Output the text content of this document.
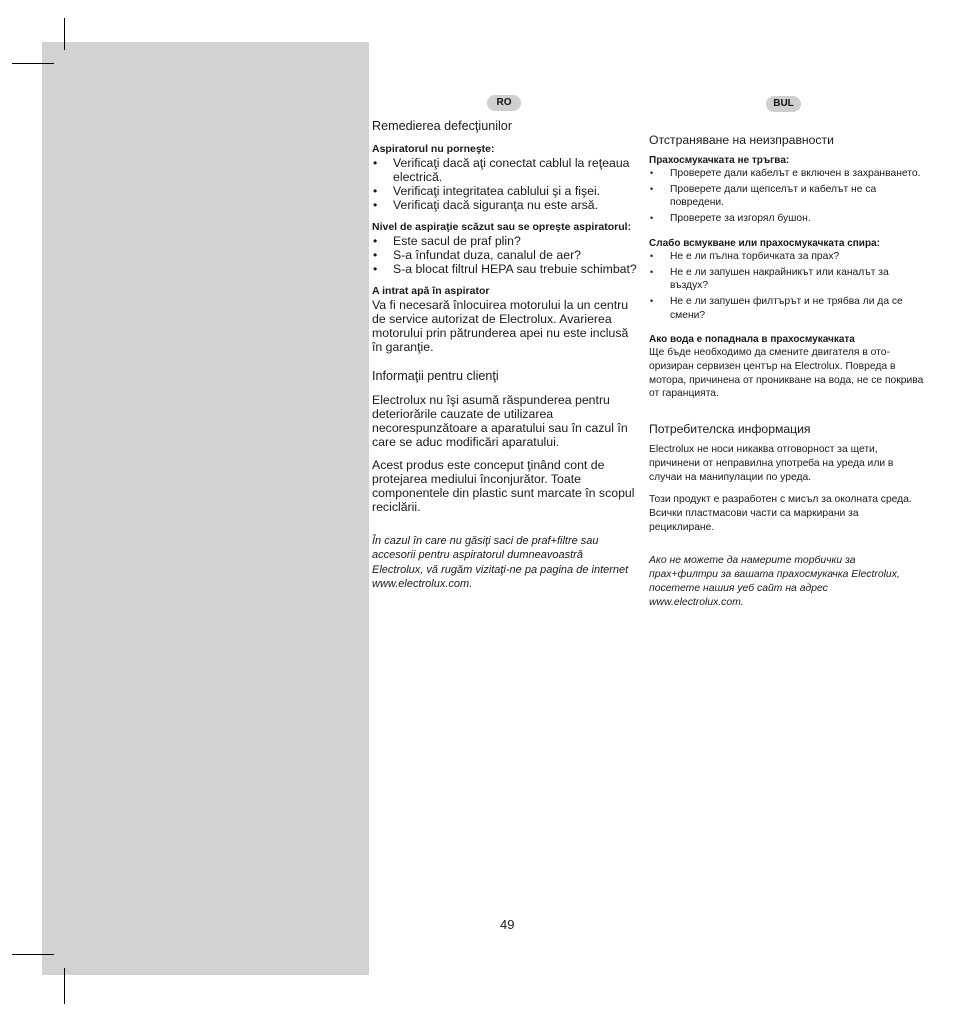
RO	BUL
Remedierea defecţiunilor
Aspiratorul nu porneşte:
• Verificaţi dacă aţi conectat cablul la reţeaua electrică.
• Verificaţi integritatea cablului şi a fişei.
• Verificaţi dacă siguranţa nu este arsă.
Nivel de aspiraţie scăzut sau se opreşte aspiratorul:
• Este sacul de praf plin?
• S-a înfundat duza, canalul de aer?
• S-a blocat filtrul HEPA sau trebuie schimbat?
A intrat apă în aspirator

Va fi necesară înlocuirea motorului la un centru de service autorizat de Electrolux. Avarierea motorului prin pătrunderea apei nu este inclusă în garanţie.

Informaţii pentru clienţi

Electrolux nu îşi asumă răspunderea pentru deteriorările cauzate de utilizarea necorespunzătoare a aparatului sau în cazul în care se aduc modificări aparatului.

Acest produs este conceput ţinând cont de protejarea mediului înconjurător. Toate componentele din plastic sunt marcate în scopul reciclării.

În cazul în care nu găsiţi saci de praf+filtre sau accesorii pentru aspiratorul dumneavoastră Electrolux, vă rugăm vizitaţi-ne pa pagina de internet www.electrolux.com.

Отстраняване на неизправности
Прахосмукачката не тръгва:
• Проверете дали кабелът е включен в захранването.
• Проверете дали щепселът и кабелът не са повредени.
• Проверете за изгорял бушон.
Слабо всмукване или прахосмукачката спира:
• Не е ли пълна торбичката за прах?
• Не е ли запушен накрайникът или каналът за въздух?
• Не е ли запушен филтърът и не трябва ли да се смени?
Ако вода е попаднала в прахосмукачката

Ще бъде необходимо да смените двигателя в отооризиран сервизен център на Electrolux. Повреда в мотора, причинена от проникване на вода, не се покрива от гаранцията.

Потребителска информация

Electrolux не носи никаква отговорност за щети, причинени от неправилна употреба на уреда или в случаи на манипулации по уреда.

Този продукт е разработен с мисъл за околната среда. Всички пластмасови части са маркирани за рециклиране.

Ако не можете да намерите торбички за прах+филтри за вашата прахосмукачка Electrolux, посетете нашия уеб сайт на адрес www.electrolux.com.

49
